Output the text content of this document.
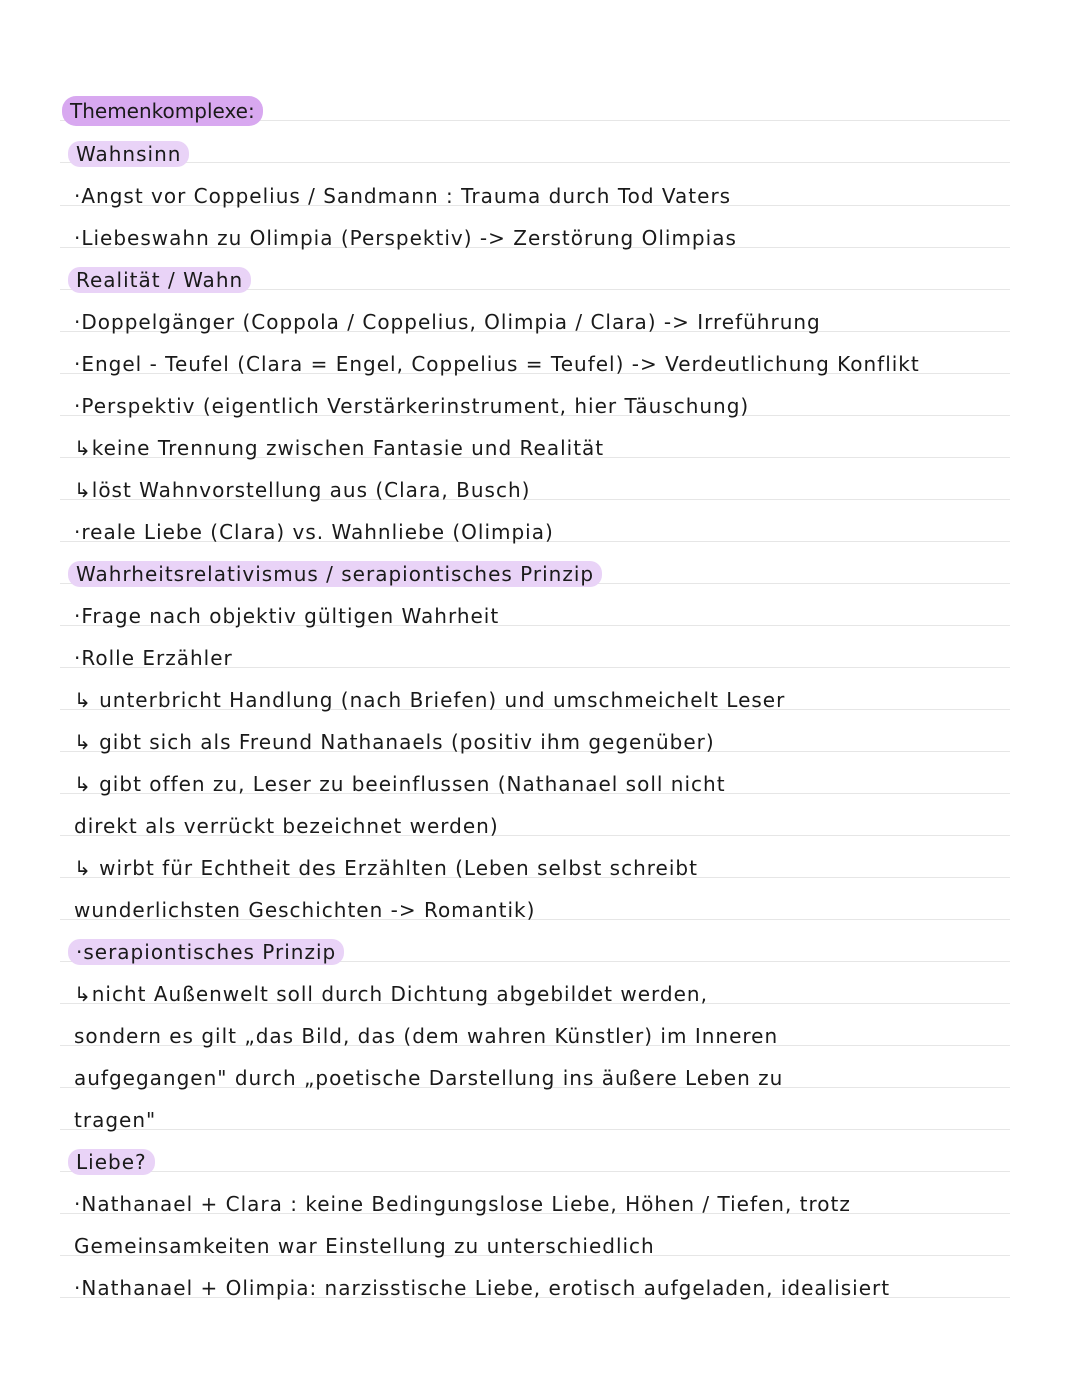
Themenkomplexe:
Wahnsinn
·Angst vor Coppelius / Sandmann : Trauma durch Tod Vaters
·Liebeswahn zu Olimpia (Perspektiv) -> Zerstörung Olimpias
Realität / Wahn
·Doppelgänger (Coppola / Coppelius, Olimpia / Clara) -> Irreführung
·Engel - Teufel (Clara = Engel, Coppelius = Teufel) -> Verdeutlichung Konflikt
·Perspektiv (eigentlich Verstärkerinstrument, hier Täuschung)
↳keine Trennung zwischen Fantasie und Realität
↳löst Wahnvorstellung aus (Clara, Busch)
·reale Liebe (Clara) vs. Wahnliebe (Olimpia)
Wahrheitsrelativismus / serapiontisches Prinzip
·Frage nach objektiv gültigen Wahrheit
·Rolle Erzähler
↳ unterbricht Handlung (nach Briefen) und umschmeichelt Leser
↳ gibt sich als Freund Nathanaels (positiv ihm gegenüber)
↳ gibt offen zu, Leser zu beeinflussen (Nathanael soll nicht
direkt als verrückt bezeichnet werden)
↳ wirbt für Echtheit des Erzählten (Leben selbst schreibt
wunderlichsten Geschichten -> Romantik)
·serapiontisches Prinzip
↳nicht Außenwelt soll durch Dichtung abgebildet werden,
sondern es gilt „das Bild, das (dem wahren Künstler) im Inneren
aufgegangen" durch „poetische Darstellung ins äußere Leben zu
tragen"
Liebe?
·Nathanael + Clara : keine Bedingungslose Liebe, Höhen / Tiefen, trotz
Gemeinsamkeiten war Einstellung zu unterschiedlich
·Nathanael + Olimpia: narzisstische Liebe, erotisch aufgeladen, idealisiert
